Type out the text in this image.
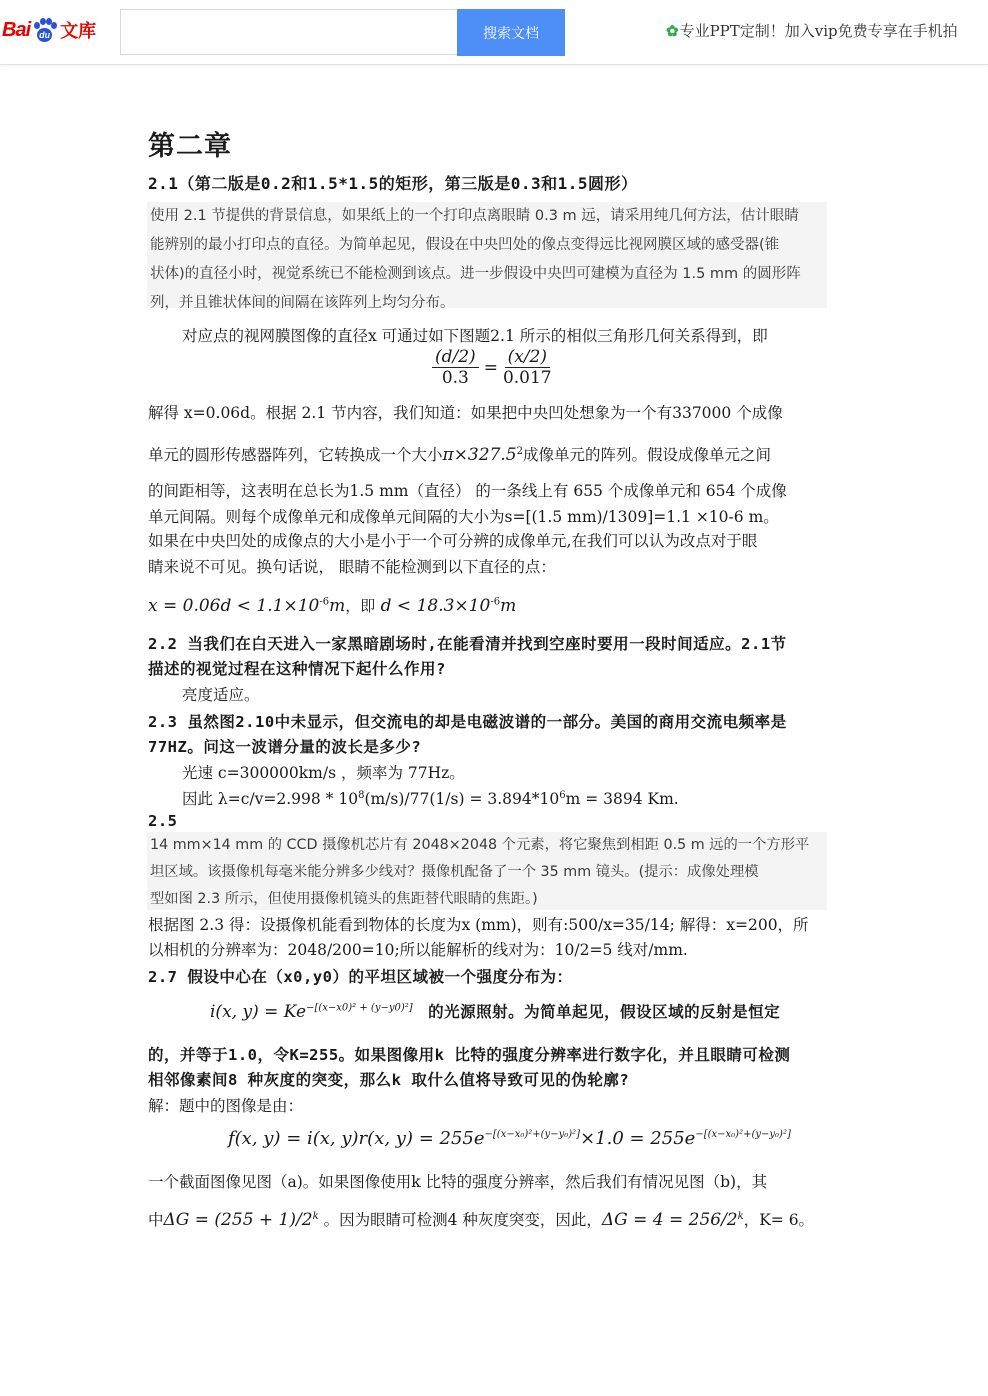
Bai du 文库	搜索文档	✿专业PPT定制！加入vip免费专享在手机拍
第二章
2.1（第二版是0.2和1.5*1.5的矩形，第三版是0.3和1.5圆形）
使用 2.1 节提供的背景信息，如果纸上的一个打印点离眼睛 0.3 m 远，请采用纯几何方法，估计眼睛
能辨别的最小打印点的直径。为简单起见，假设在中央凹处的像点变得远比视网膜区域的感受器(锥
状体)的直径小时，视觉系统已不能检测到该点。进一步假设中央凹可建模为直径为 1.5 mm 的圆形阵
列，并且锥状体间的间隔在该阵列上均匀分布。
对应点的视网膜图像的直径x 可通过如下图题2.1 所示的相似三角形几何关系得到，即
$\frac{(d/2)}{0.3} = \frac{(x/2)}{0.017}$
解得 x=0.06d。根据 2.1 节内容，我们知道：如果把中央凹处想象为一个有337000 个成像
单元的圆形传感器阵列，它转换成一个大小$\pi\times 327.5^2$成像单元的阵列。假设成像单元之间
的间距相等，这表明在总长为1.5 mm（直径） 的一条线上有 655 个成像单元和 654 个成像
单元间隔。则每个成像单元和成像单元间隔的大小为s=[(1.5 mm)/1309]=1.1 ×10-6 m。
如果在中央凹处的成像点的大小是小于一个可分辨的成像单元,在我们可以认为改点对于眼
睛来说不可见。换句话说， 眼睛不能检测到以下直径的点：
$x = 0.06d < 1.1\times 10^{-6}m$，即 $d < 18.3\times 10^{-6}m$
2.2 当我们在白天进入一家黑暗剧场时,在能看清并找到空座时要用一段时间适应。2.1节
描述的视觉过程在这种情况下起什么作用?
亮度适应。
2.3 虽然图2.10中未显示，但交流电的却是电磁波谱的一部分。美国的商用交流电频率是
77HZ。问这一波谱分量的波长是多少?
光速 c=300000km/s ，频率为 77Hz。
因此 $\lambda=c/v=2.998 * 10^8(m/s)/77(1/s) = 3.894*10^6m = 3894$ Km.
2.5
14 mm×14 mm 的 CCD 摄像机芯片有 2048×2048 个元素，将它聚焦到相距 0.5 m 远的一个方形平
坦区域。该摄像机每毫米能分辨多少线对？摄像机配备了一个 35 mm 镜头。(提示：成像处理模
型如图 2.3 所示，但使用摄像机镜头的焦距替代眼睛的焦距。)
根据图 2.3 得：设摄像机能看到物体的长度为x (mm)，则有:500/x=35/14; 解得：x=200，所
以相机的分辨率为：2048/200=10;所以能解析的线对为：10/2=5 线对/mm.
2.7 假设中心在（x0,y0）的平坦区域被一个强度分布为：
i(x, $y) = Ke^{-[(x-x0)^2 + (y-y0)^2]}$ 的光源照射。为简单起见，假设区域的反射是恒定
的，并等于1.0，令K=255。如果图像用k 比特的强度分辨率进行数字化，并且眼睛可检测
相邻像素间8 种灰度的突变，那么k 取什么值将导致可见的伪轮廓?
解：题中的图像是由：
f(x, y) = i(x, y)r(x, $y) = 255e^{-[(x-x_0)^2+(y-y_0)^2]}\times 1.0 = 255e^{-[(x-x_0)^2+(y-y_0)^2]}$
一个截面图像见图（a)。如果图像使用k 比特的强度分辨率，然后我们有情况见图（b)，其
中$\Delta G = (255 + 1)/2^k$ 。因为眼睛可检测4 种灰度突变，因此，$\Delta G = 4 = 256/2^k$，K= 6。
